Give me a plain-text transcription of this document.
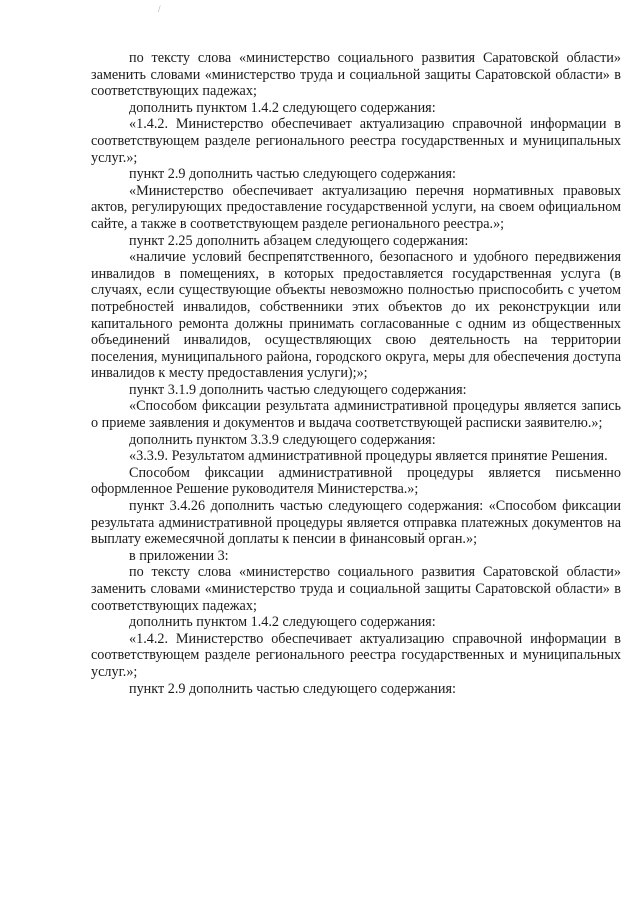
/

по тексту слова «министерство социального развития Саратовской области» заменить словами «министерство труда и социальной защиты Саратовской области» в соответствующих падежах;

дополнить пунктом 1.4.2 следующего содержания:

«1.4.2. Министерство обеспечивает актуализацию справочной информации в соответствующем разделе регионального реестра государственных и муниципальных услуг.»;

пункт 2.9 дополнить частью следующего содержания:

«Министерство обеспечивает актуализацию перечня нормативных правовых актов, регулирующих предоставление государственной услуги, на своем официальном сайте, а также в соответствующем разделе регионального реестра.»;

пункт 2.25 дополнить абзацем следующего содержания:

«наличие условий беспрепятственного, безопасного и удобного передвижения инвалидов в помещениях, в которых предоставляется государственная услуга (в случаях, если существующие объекты невозможно полностью приспособить с учетом потребностей инвалидов, собственники этих объектов до их реконструкции или капитального ремонта должны принимать согласованные с одним из общественных объединений инвалидов, осуществляющих свою деятельность на территории поселения, муниципального района, городского округа, меры для обеспечения доступа инвалидов к месту предоставления услуги);»;

пункт 3.1.9 дополнить частью следующего содержания:

«Способом фиксации результата административной процедуры является запись о приеме заявления и документов и выдача соответствующей расписки заявителю.»;

дополнить пунктом 3.3.9 следующего содержания:

«3.3.9. Результатом административной процедуры является принятие Решения.

Способом фиксации административной процедуры является письменно оформленное Решение руководителя Министерства.»;

пункт 3.4.26 дополнить частью следующего содержания: «Способом фиксации результата административной процедуры является отправка платежных документов на выплату ежемесячной доплаты к пенсии в финансовый орган.»;

в приложении 3:

по тексту слова «министерство социального развития Саратовской области» заменить словами «министерство труда и социальной защиты Саратовской области» в соответствующих падежах;

дополнить пунктом 1.4.2 следующего содержания:

«1.4.2. Министерство обеспечивает актуализацию справочной информации в соответствующем разделе регионального реестра государственных и муниципальных услуг.»;

пункт 2.9 дополнить частью следующего содержания:
